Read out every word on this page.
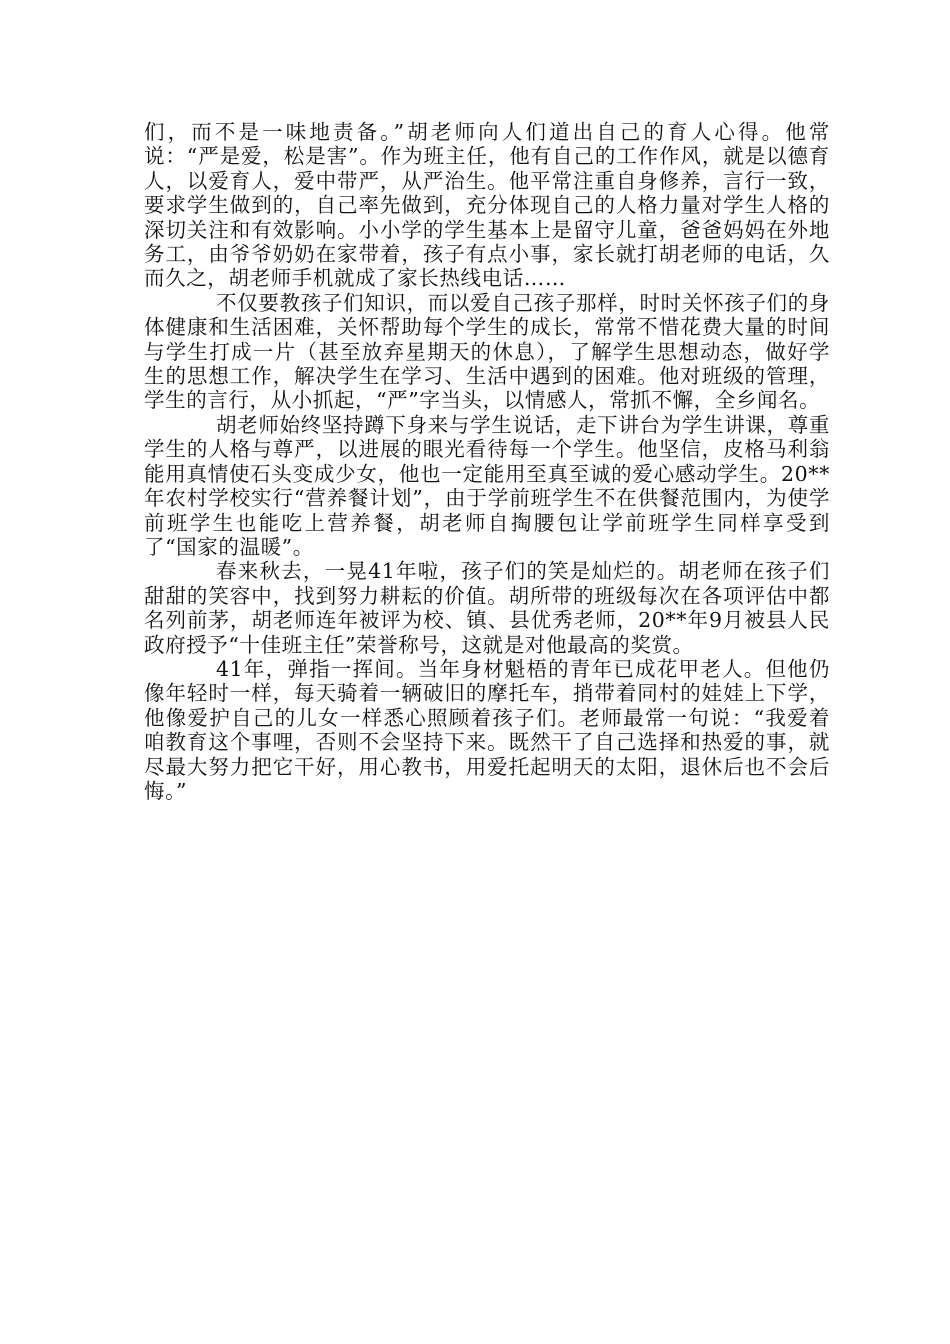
们，而不是一味地责备。”胡老师向人们道出自己的育人心得。他常说：“严是爱，松是害”。作为班主任，他有自己的工作作风，就是以德育人，以爱育人，爱中带严，从严治生。他平常注重自身修养，言行一致，要求学生做到的，自己率先做到，充分体现自己的人格力量对学生人格的深切关注和有效影响。小小学的学生基本上是留守儿童，爸爸妈妈在外地务工，由爷爷奶奶在家带着，孩子有点小事，家长就打胡老师的电话，久而久之，胡老师手机就成了家长热线电话……

不仅要教孩子们知识，而以爱自己孩子那样，时时关怀孩子们的身体健康和生活困难，关怀帮助每个学生的成长，常常不惜花费大量的时间与学生打成一片（甚至放弃星期天的休息），了解学生思想动态，做好学生的思想工作，解决学生在学习、生活中遇到的困难。他对班级的管理，学生的言行，从小抓起，“严”字当头，以情感人，常抓不懈，全乡闻名。

胡老师始终坚持蹲下身来与学生说话，走下讲台为学生讲课，尊重学生的人格与尊严，以进展的眼光看待每一个学生。他坚信，皮格马利翁能用真情使石头变成少女，他也一定能用至真至诚的爱心感动学生。20**年农村学校实行“营养餐计划”，由于学前班学生不在供餐范围内，为使学前班学生也能吃上营养餐，胡老师自掏腰包让学前班学生同样享受到了“国家的温暖”。

春来秋去，一晃41年啦，孩子们的笑是灿烂的。胡老师在孩子们甜甜的笑容中，找到努力耕耘的价值。胡所带的班级每次在各项评估中都名列前茅，胡老师连年被评为校、镇、县优秀老师，20**年9月被县人民政府授予“十佳班主任”荣誉称号，这就是对他最高的奖赏。

41年，弹指一挥间。当年身材魁梧的青年已成花甲老人。但他仍像年轻时一样，每天骑着一辆破旧的摩托车，捎带着同村的娃娃上下学，他像爱护自己的儿女一样悉心照顾着孩子们。老师最常一句说：“我爱着咱教育这个事哩，否则不会坚持下来。既然干了自己选择和热爱的事，就尽最大努力把它干好，用心教书，用爱托起明天的太阳，退休后也不会后悔。”
